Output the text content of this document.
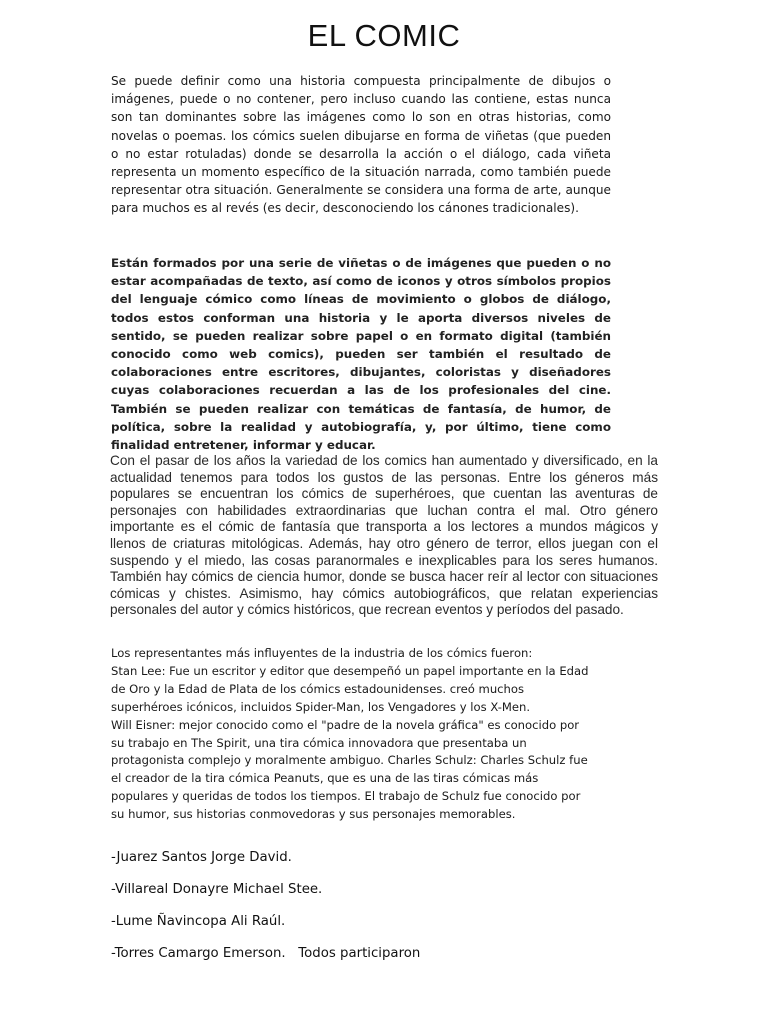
EL COMIC
Se puede definir como una historia compuesta principalmente de dibujos o imágenes, puede o no contener, pero incluso cuando las contiene, estas nunca son tan dominantes sobre las imágenes como lo son en otras historias, como novelas o poemas. los cómics suelen dibujarse en forma de viñetas (que pueden o no estar rotuladas) donde se desarrolla la acción o el diálogo, cada viñeta representa un momento específico de la situación narrada, como también puede representar otra situación. Generalmente se considera una forma de arte, aunque para muchos es al revés (es decir, desconociendo los cánones tradicionales).
Están formados por una serie de viñetas o de imágenes que pueden o no estar acompañadas de texto, así como de iconos y otros símbolos propios del lenguaje cómico como líneas de movimiento o globos de diálogo, todos estos conforman una historia y le aporta diversos niveles de sentido, se pueden realizar sobre papel o en formato digital (también conocido como web comics), pueden ser también el resultado de colaboraciones entre escritores, dibujantes, coloristas y diseñadores cuyas colaboraciones recuerdan a las de los profesionales del cine. También se pueden realizar con temáticas de fantasía, de humor, de política, sobre la realidad y autobiografía, y, por último, tiene como finalidad entretener, informar y educar.
Con el pasar de los años la variedad de los comics han aumentado y diversificado, en la actualidad tenemos para todos los gustos de las personas. Entre los géneros más populares se encuentran los cómics de superhéroes, que cuentan las aventuras de personajes con habilidades extraordinarias que luchan contra el mal. Otro género importante es el cómic de fantasía que transporta a los lectores a mundos mágicos y llenos de criaturas mitológicas. Además, hay otro género de terror, ellos juegan con el suspendo y el miedo, las cosas paranormales e inexplicables para los seres humanos. También hay cómics de ciencia humor, donde se busca hacer reír al lector con situaciones cómicas y chistes. Asimismo, hay cómics autobiográficos, que relatan experiencias personales del autor y cómics históricos, que recrean eventos y períodos del pasado.
Los representantes más influyentes de la industria de los cómics fueron:
Stan Lee: Fue un escritor y editor que desempeñó un papel importante en la Edad de Oro y la Edad de Plata de los cómics estadounidenses. creó muchos superhéroes icónicos, incluidos Spider-Man, los Vengadores y los X-Men.
Will Eisner: mejor conocido como el "padre de la novela gráfica" es conocido por su trabajo en The Spirit, una tira cómica innovadora que presentaba un protagonista complejo y moralmente ambiguo. Charles Schulz: Charles Schulz fue el creador de la tira cómica Peanuts, que es una de las tiras cómicas más populares y queridas de todos los tiempos. El trabajo de Schulz fue conocido por su humor, sus historias conmovedoras y sus personajes memorables.
-Juarez Santos Jorge David.
-Villareal Donayre Michael Stee.
-Lume Ñavincopa Ali Raúl.
-Torres Camargo Emerson.   Todos participaron
